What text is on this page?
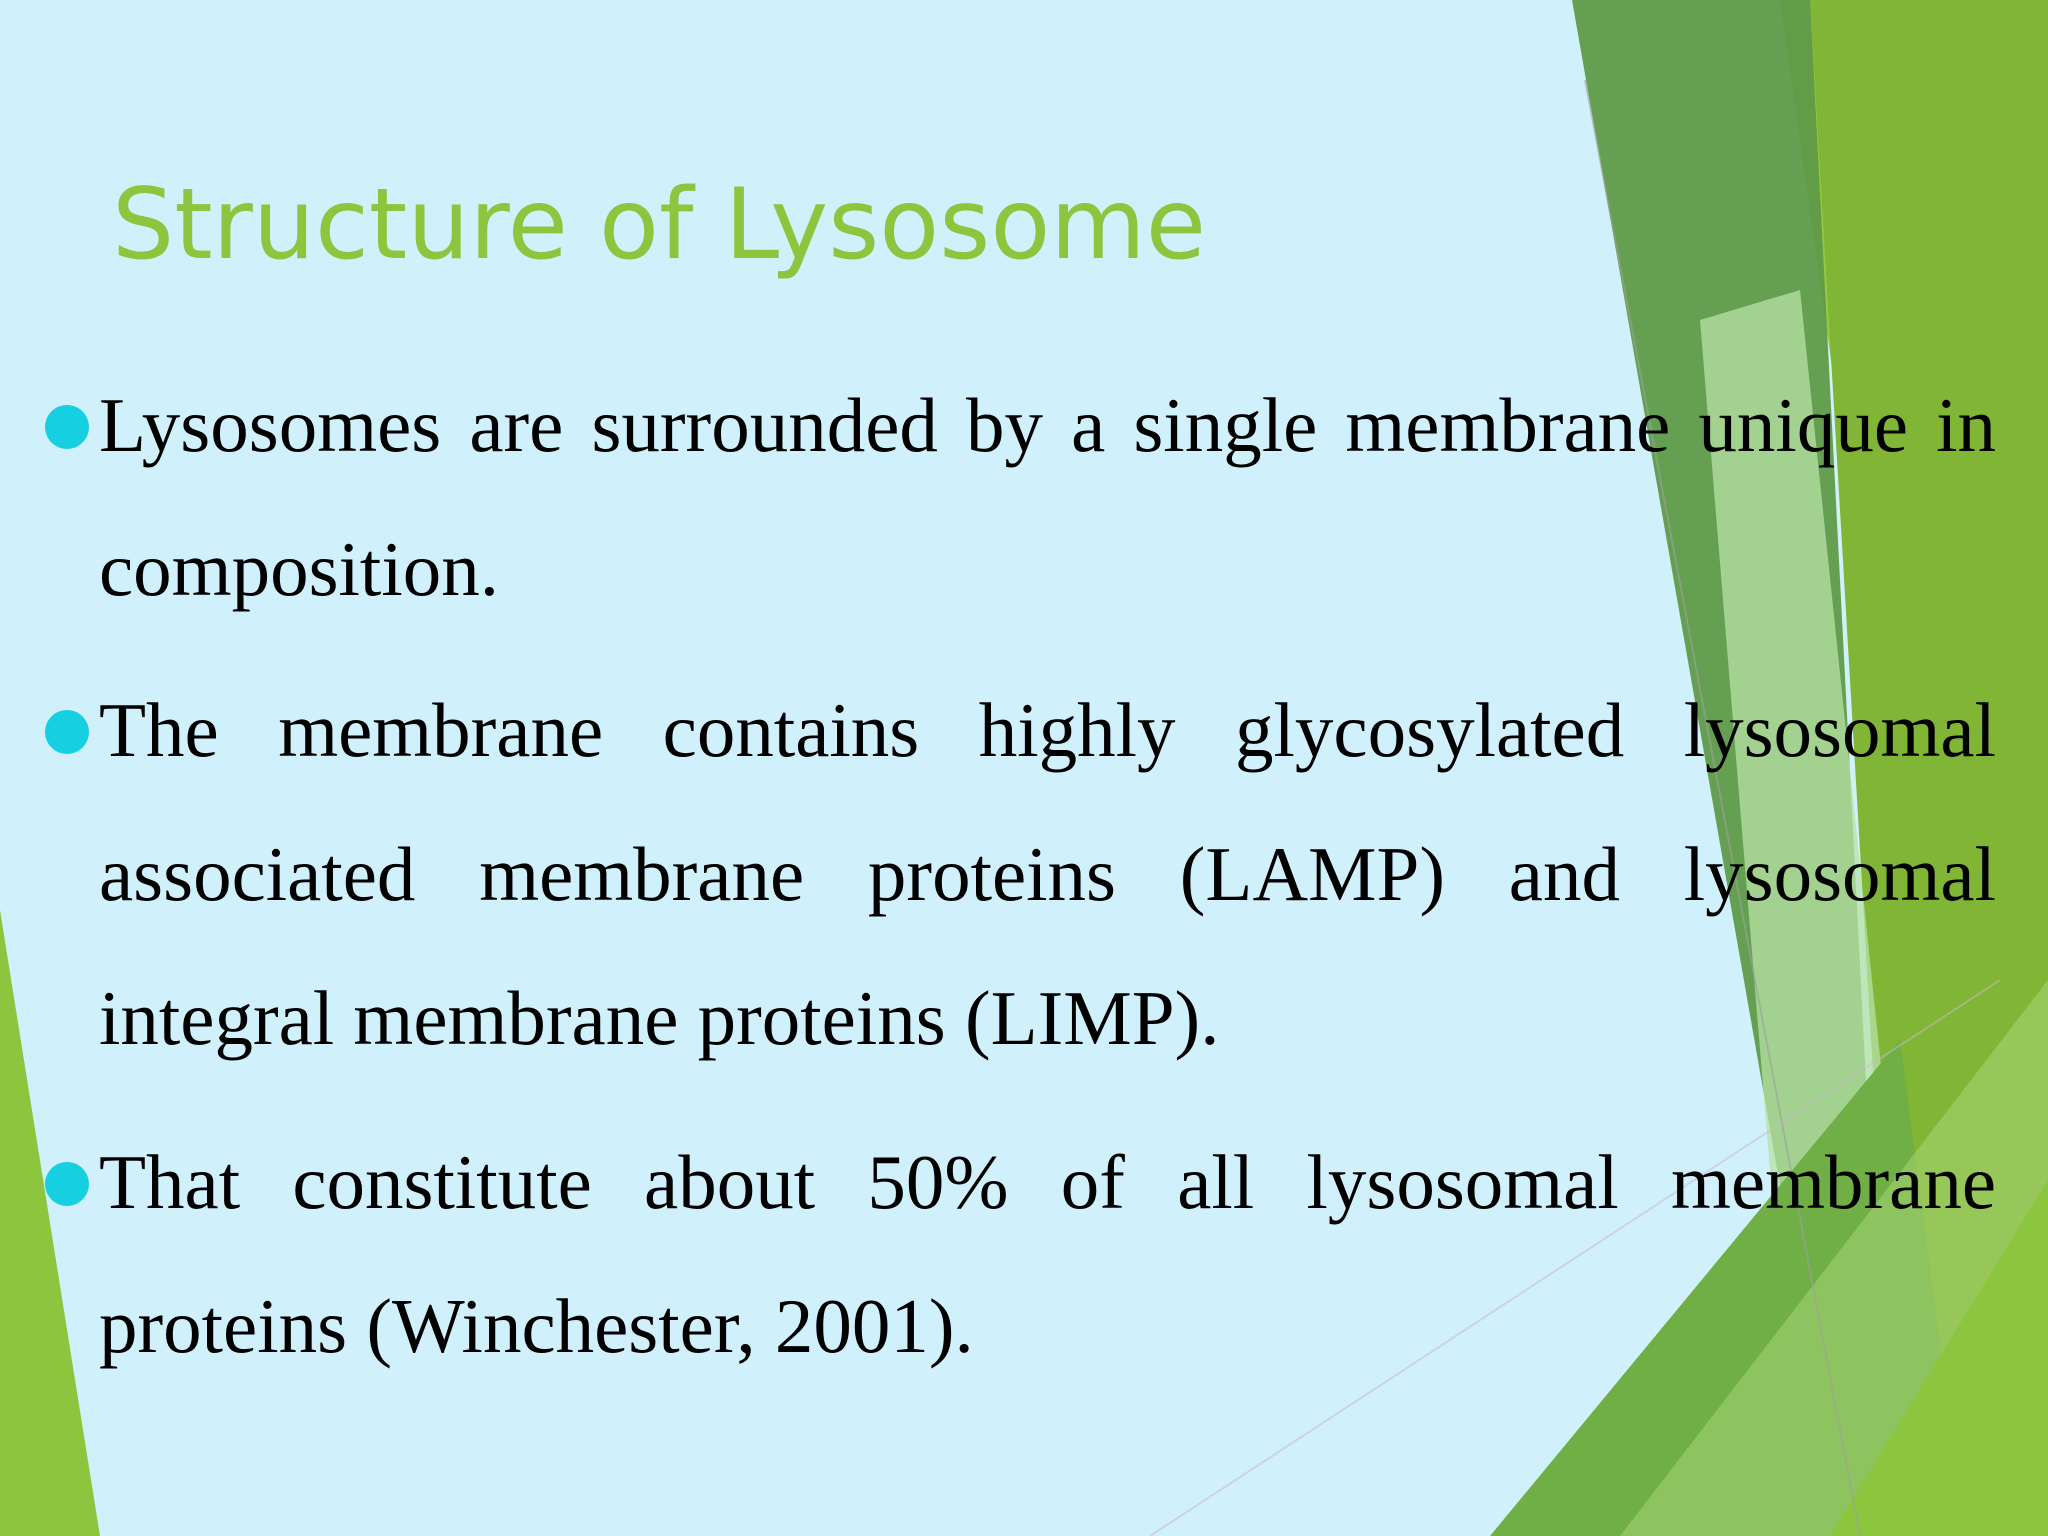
Structure of Lysosome
Lysosomes are surrounded by a single membrane unique in composition.
The membrane contains highly glycosylated lysosomal associated membrane proteins (LAMP) and lysosomal integral membrane proteins (LIMP).
That constitute about 50% of all lysosomal membrane proteins (Winchester, 2001).
